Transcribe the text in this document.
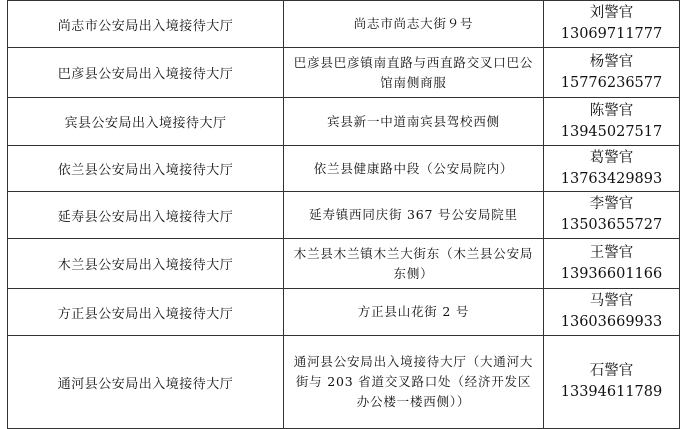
尚志市公安局出入境接待大厅	尚志市尚志大街９号	刘警官
13069711777

巴彦县公安局出入境接待大厅	巴彦县巴彦镇南直路与西直路交叉口巴公馆南侧商服	杨警官
15776236577

宾县公安局出入境接待大厅	宾县新一中道南宾县驾校西侧	陈警官
13945027517

依兰县公安局出入境接待大厅	依兰县健康路中段（公安局院内）	葛警官
13763429893

延寿县公安局出入境接待大厅	延寿镇西同庆街 367 号公安局院里	李警官
13503655727

木兰县公安局出入境接待大厅	木兰县木兰镇木兰大街东（木兰县公安局东侧）	王警官
13936601166

方正县公安局出入境接待大厅	方正县山花街 2 号	马警官
13603669933

通河县公安局出入境接待大厅	通河县公安局出入境接待大厅（大通河大街与 203 省道交叉路口处（经济开发区办公楼一楼西侧））	石警官
13394611789
